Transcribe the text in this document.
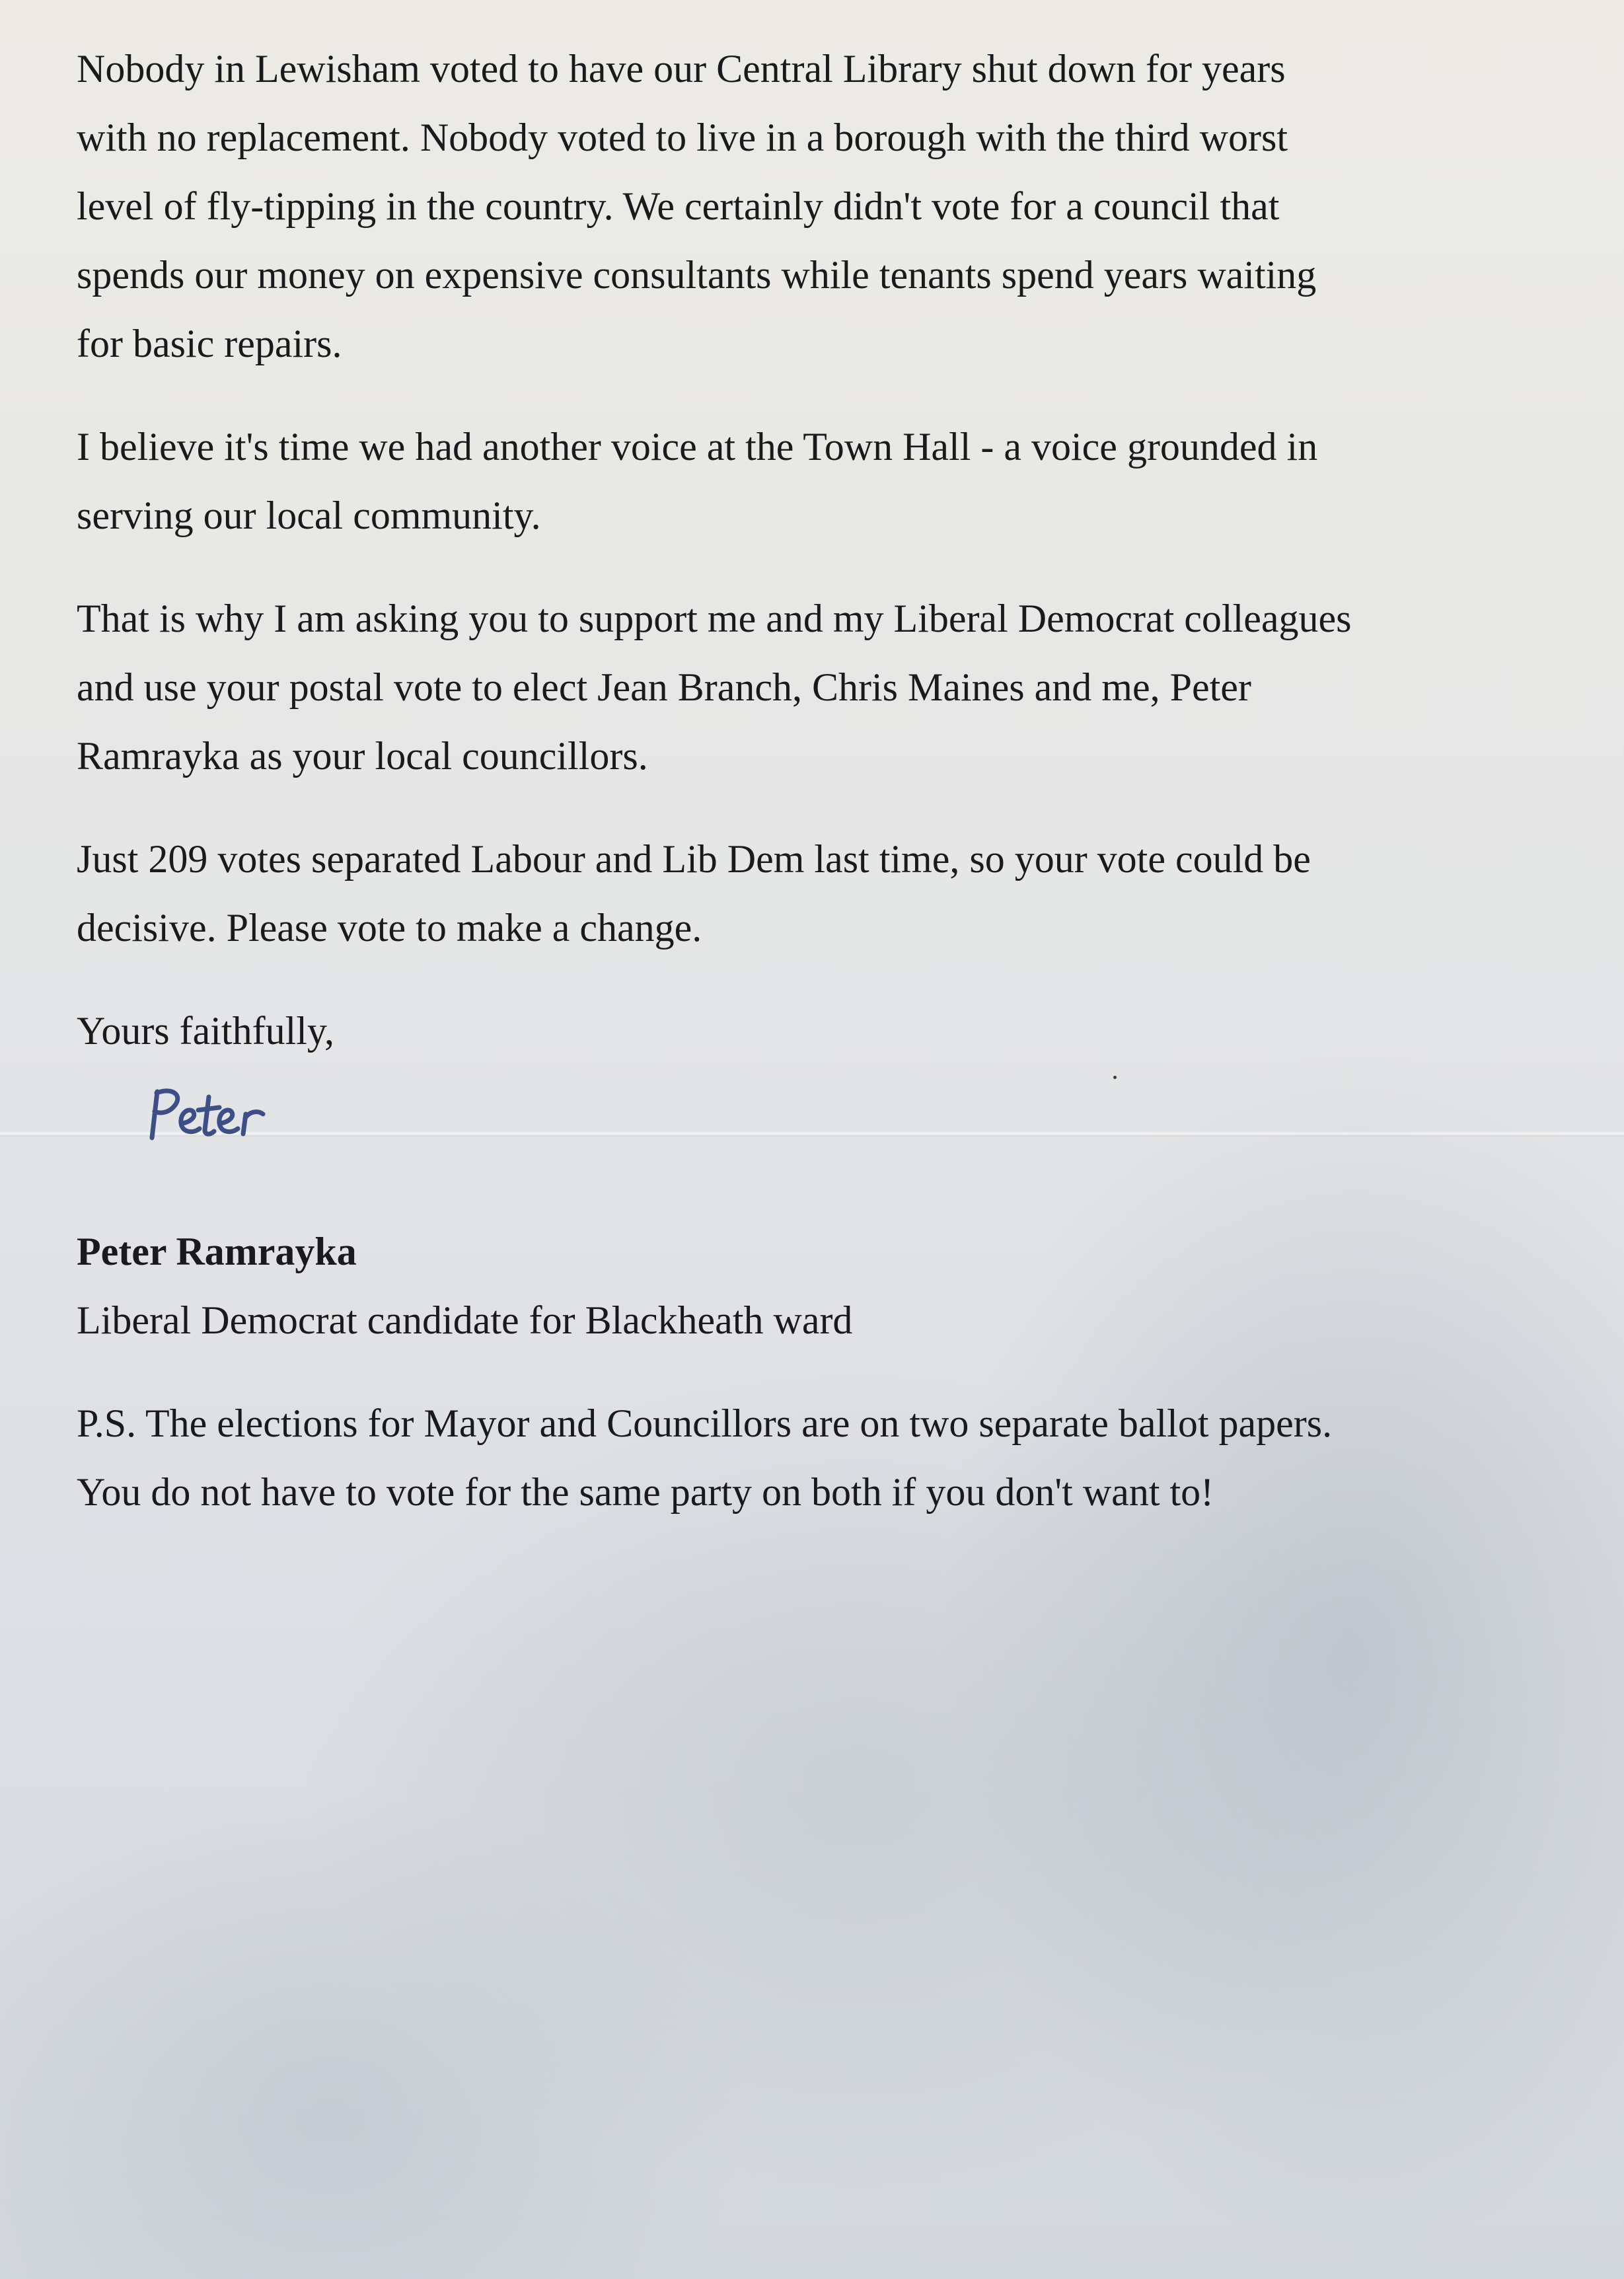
Nobody in Lewisham voted to have our Central Library shut down for years
with no replacement. Nobody voted to live in a borough with the third worst
level of fly-tipping in the country. We certainly didn't vote for a council that
spends our money on expensive consultants while tenants spend years waiting
for basic repairs.

I believe it's time we had another voice at the Town Hall - a voice grounded in
serving our local community.

That is why I am asking you to support me and my Liberal Democrat colleagues
and use your postal vote to elect Jean Branch, Chris Maines and me, Peter
Ramrayka as your local councillors.

Just 209 votes separated Labour and Lib Dem last time, so your vote could be
decisive. Please vote to make a change.

Yours faithfully,

Peter Ramrayka

Liberal Democrat candidate for Blackheath ward

P.S. The elections for Mayor and Councillors are on two separate ballot papers.
You do not have to vote for the same party on both if you don't want to!
